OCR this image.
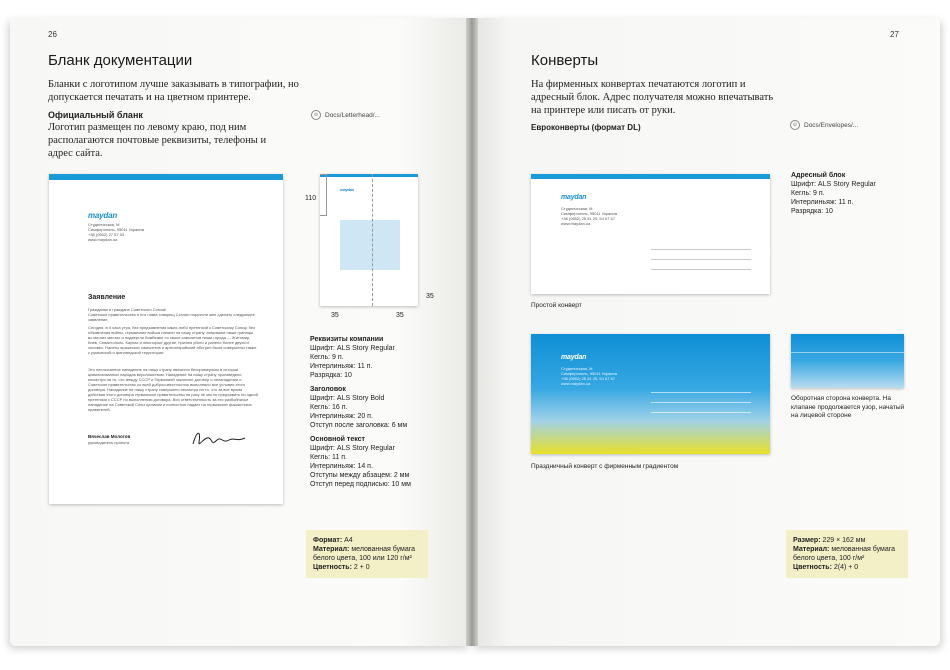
26
Бланк документации
Бланки с логотипом лучше заказывать в типографии, но допускается печатать и на цветном принтере.
Официальный бланк
Логотип размещен по левому краю, под ним располагаются почтовые реквизиты, телефоны и адрес сайта.
⊙	Docs/Letterhead/...
maydan
Студенческая, М
Симферополь, 95011 Украина
+38 (0652) 27 57 03
www.maydan.ua
Заявление
Гражданки и граждане Советского Союза!
Советское правительство и его глава товарищ Сталин поручили мне сделать следующее заявление.
Сегодня, в 4 часа утра, без предъявления каких-либо претензий к Советскому Союзу, без объявления войны, германские войска напали на нашу страну, атаковали наши границы во многих местах и подвергли бомбежке со своих самолетов наши города — Житомир, Киев, Севастополь, Каунас и некоторые другие, причем убито и ранено более двухсот человек. Налеты вражеских самолетов и артиллерийский обстрел были совершены также с румынской и финляндской территории.
Это неслыханное нападение на нашу страну является беспримерным в истории цивилизованных народов вероломством. Нападение на нашу страну произведено несмотря на то, что между СССР и Германией заключен договор о ненападении и Советское правительство со всей добросовестностью выполняло все условия этого договора. Нападение на нашу страну совершено несмотря на то, что за все время действия этого договора германское правительство ни разу не могло предъявить ни одной претензии к СССР по выполнению договора. Вся ответственность за это разбойничье нападение на Советский Союз целиком и полностью падает на германских фашистских правителей.
Вячеслав Молотов
руководитель проекта
maydan
110
35
35	35
Реквизиты компании
Шрифт: ALS Story Regular
Кегль: 9 п.
Интерлиньяж: 11 п.
Разрядка: 10
Заголовок
Шрифт: ALS Story Bold
Кегль: 16 п.
Интерлиньяж: 20 п.
Отступ после заголовка: 6 мм
Основной текст
Шрифт: ALS Story Regular
Кегль: 11 п.
Интерлиньяж: 14 п.
Отступы между абзацем: 2 мм
Отступ перед подписью: 10 мм
Формат: А4
Материал: мелованная бумага белого цвета, 100 или 120 г/м²
Цветность: 2 + 0
27
Конверты
На фирменных конвертах печатаются логотип и адресный блок. Адрес получателя можно впечатывать на принтере или писать от руки.
Евроконверты (формат DL)	⊙	Docs/Envelopes/...
maydan
Студенческая, М
Симферополь, 95011 Украина
+38 (0652) 25 51 25, 54 67 67
www.maydan.ua
Простой конверт
Адресный блок
Шрифт: ALS Story Regular
Кегль: 9 п.
Интерлиньяж: 11 п.
Разрядка: 10
maydan
Студенческая, М
Симферополь, 95011 Украина
+38 (0652) 25 51 25, 54 67 67
www.maydan.ua
Праздничный конверт с фирменным градиентом
Оборотная сторона конверта. На клапане продолжается узор, начатый на лицевой стороне
Размер: 229 × 162 мм
Материал: мелованная бумага белого цвета, 100 г/м²
Цветность: 2(4) + 0
